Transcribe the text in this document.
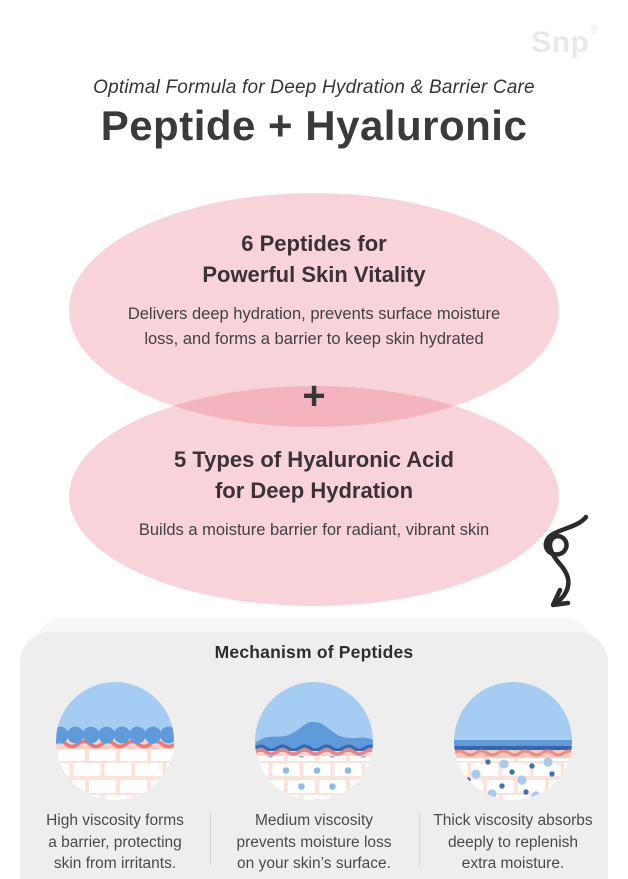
Snp®
Optimal Formula for Deep Hydration & Barrier Care
Peptide + Hyaluronic
6 Peptides for
Powerful Skin Vitality
Delivers deep hydration, prevents surface moisture
loss, and forms a barrier to keep skin hydrated
+
5 Types of Hyaluronic Acid
for Deep Hydration
Builds a moisture barrier for radiant, vibrant skin
Mechanism of Peptides
High viscosity forms
a barrier, protecting
skin from irritants.
Medium viscosity
prevents moisture loss
on your skin’s surface.
Thick viscosity absorbs
deeply to replenish
extra moisture.
